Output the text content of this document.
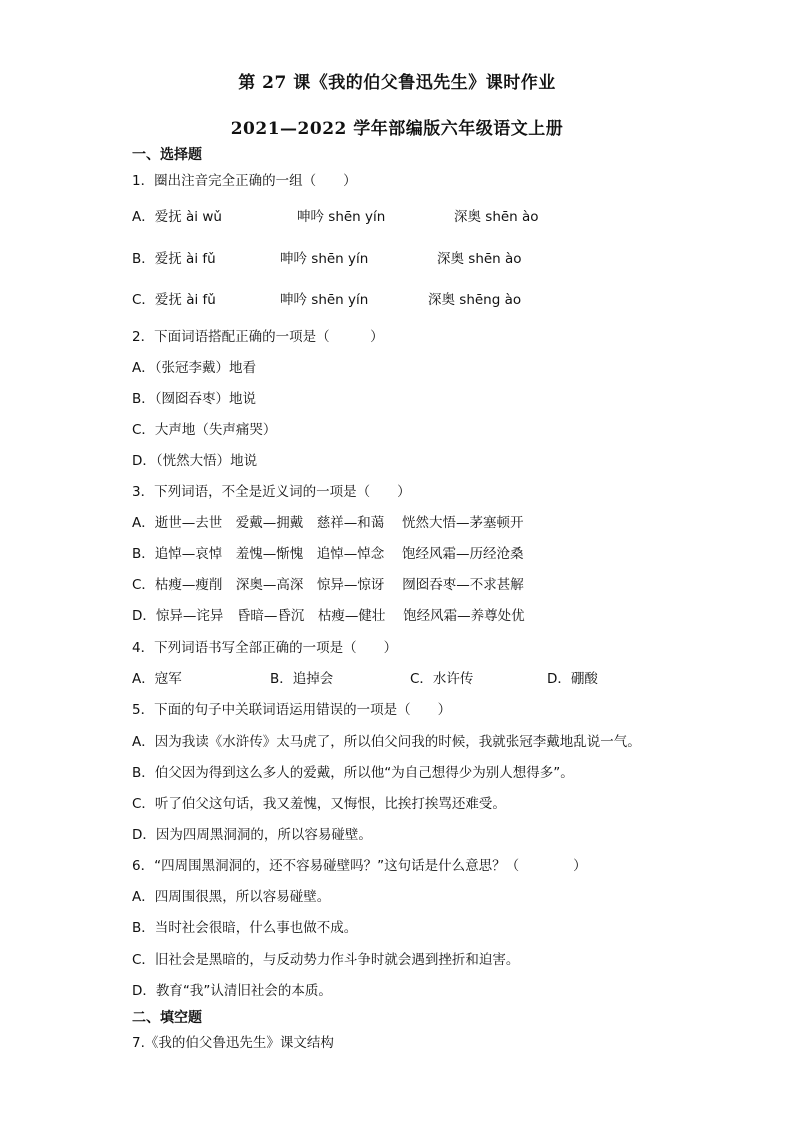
第 27 课《我的伯父鲁迅先生》课时作业
2021—2022 学年部编版六年级语文上册
一、选择题
1．圈出注音完全正确的一组（　　）
A．爱抚 ài wǔ	呻吟 shēn yín	深奥 shēn ào
B．爱抚 ài fǔ	呻吟 shēn yín	深奥 shēn ào
C．爱抚 ài fǔ	呻吟 shēn yín	深奥 shēng ào
2．下面词语搭配正确的一项是（　　　）
A．（张冠李戴）地看
B．（囫囵吞枣）地说
C．大声地（失声痛哭）
D．（恍然大悟）地说
3．下列词语，不全是近义词的一项是（　　）
A．逝世—去世　爱戴—拥戴　慈祥—和蔼　 恍然大悟—茅塞顿开
B．追悼—哀悼　羞愧—惭愧　追悼—悼念　 饱经风霜—历经沧桑
C．枯瘦—瘦削　深奥—高深　惊异—惊讶　 囫囵吞枣—不求甚解
D．惊异—诧异　昏暗—昏沉　枯瘦—健壮　 饱经风霜—养尊处优
4．下列词语书写全部正确的一项是（　　）
A．寇军	B．追掉会	C．水许传	D．硼酸
5．下面的句子中关联词语运用错误的一项是（　　）
A．因为我读《水浒传》太马虎了，所以伯父问我的时候，我就张冠李戴地乱说一气。
B．伯父因为得到这么多人的爱戴，所以他“为自己想得少为别人想得多”。
C．听了伯父这句话，我又羞愧，又悔恨，比挨打挨骂还难受。
D．因为四周黑洞洞的，所以容易碰壁。
6．“四周围黑洞洞的，还不容易碰壁吗？”这句话是什么意思？（　　　　）
A．四周围很黑，所以容易碰壁。
B．当时社会很暗，什么事也做不成。
C．旧社会是黑暗的，与反动势力作斗争时就会遇到挫折和迫害。
D．教育“我”认清旧社会的本质。
二、填空题
7.《我的伯父鲁迅先生》课文结构
